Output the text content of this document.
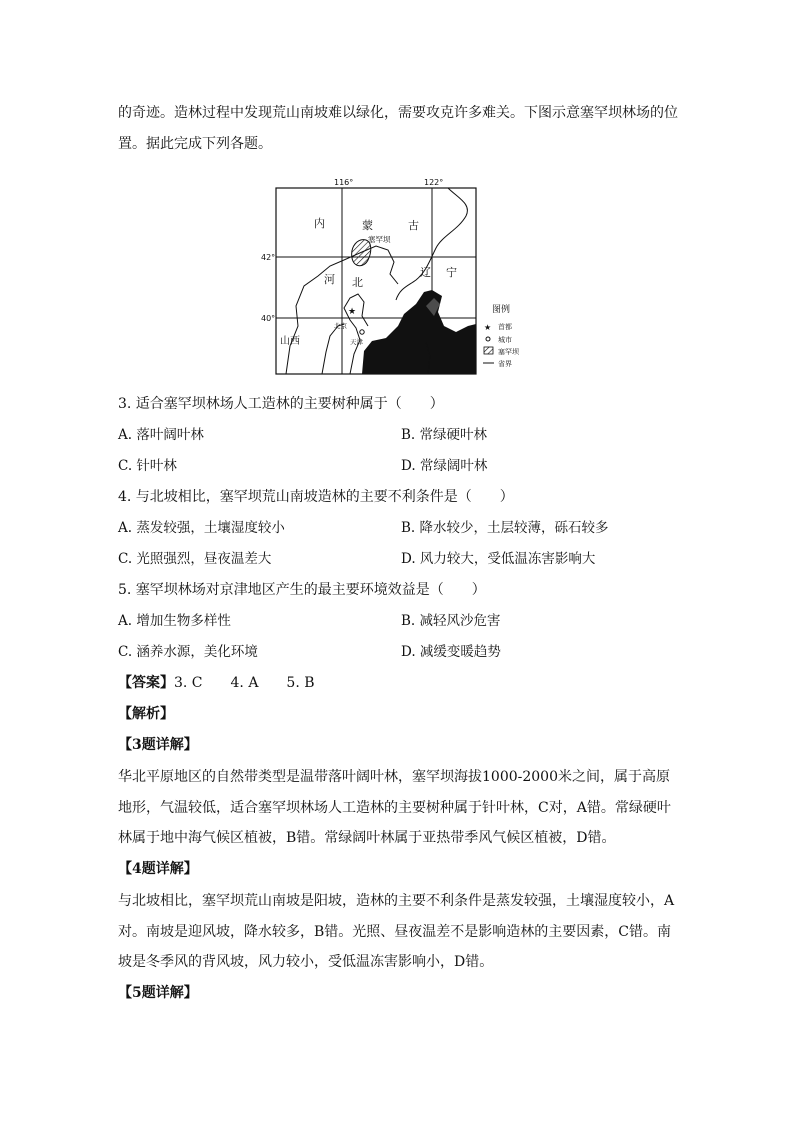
的奇迹。造林过程中发现荒山南坡难以绿化，需要攻克许多难关。下图示意塞罕坝林场的位
置。据此完成下列各题。
★
116°	122°
42°
40°
内	蒙	古
河 北
辽 宁
山西
塞罕坝
北京
天津
图例
★ 首都
城市
塞罕坝
省界
3. 适合塞罕坝林场人工造林的主要树种属于（　　）
A. 落叶阔叶林	B. 常绿硬叶林
C. 针叶林	D. 常绿阔叶林
4. 与北坡相比，塞罕坝荒山南坡造林的主要不利条件是（　　）
A. 蒸发较强，土壤湿度较小	B. 降水较少，土层较薄，砾石较多
C. 光照强烈，昼夜温差大	D. 风力较大，受低温冻害影响大
5. 塞罕坝林场对京津地区产生的最主要环境效益是（　　）
A. 增加生物多样性	B. 减轻风沙危害
C. 涵养水源，美化环境	D. 减缓变暖趋势
【答案】3. C　　4. A　　5. B
【解析】
【3题详解】
华北平原地区的自然带类型是温带落叶阔叶林，塞罕坝海拔1000-2000米之间，属于高原地形，气温较低，适合塞罕坝林场人工造林的主要树种属于针叶林，C对，A错。常绿硬叶林属于地中海气候区植被，B错。常绿阔叶林属于亚热带季风气候区植被，D错。
【4题详解】
与北坡相比，塞罕坝荒山南坡是阳坡，造林的主要不利条件是蒸发较强，土壤湿度较小，A对。南坡是迎风坡，降水较多，B错。光照、昼夜温差不是影响造林的主要因素，C错。南坡是冬季风的背风坡，风力较小，受低温冻害影响小，D错。
【5题详解】
